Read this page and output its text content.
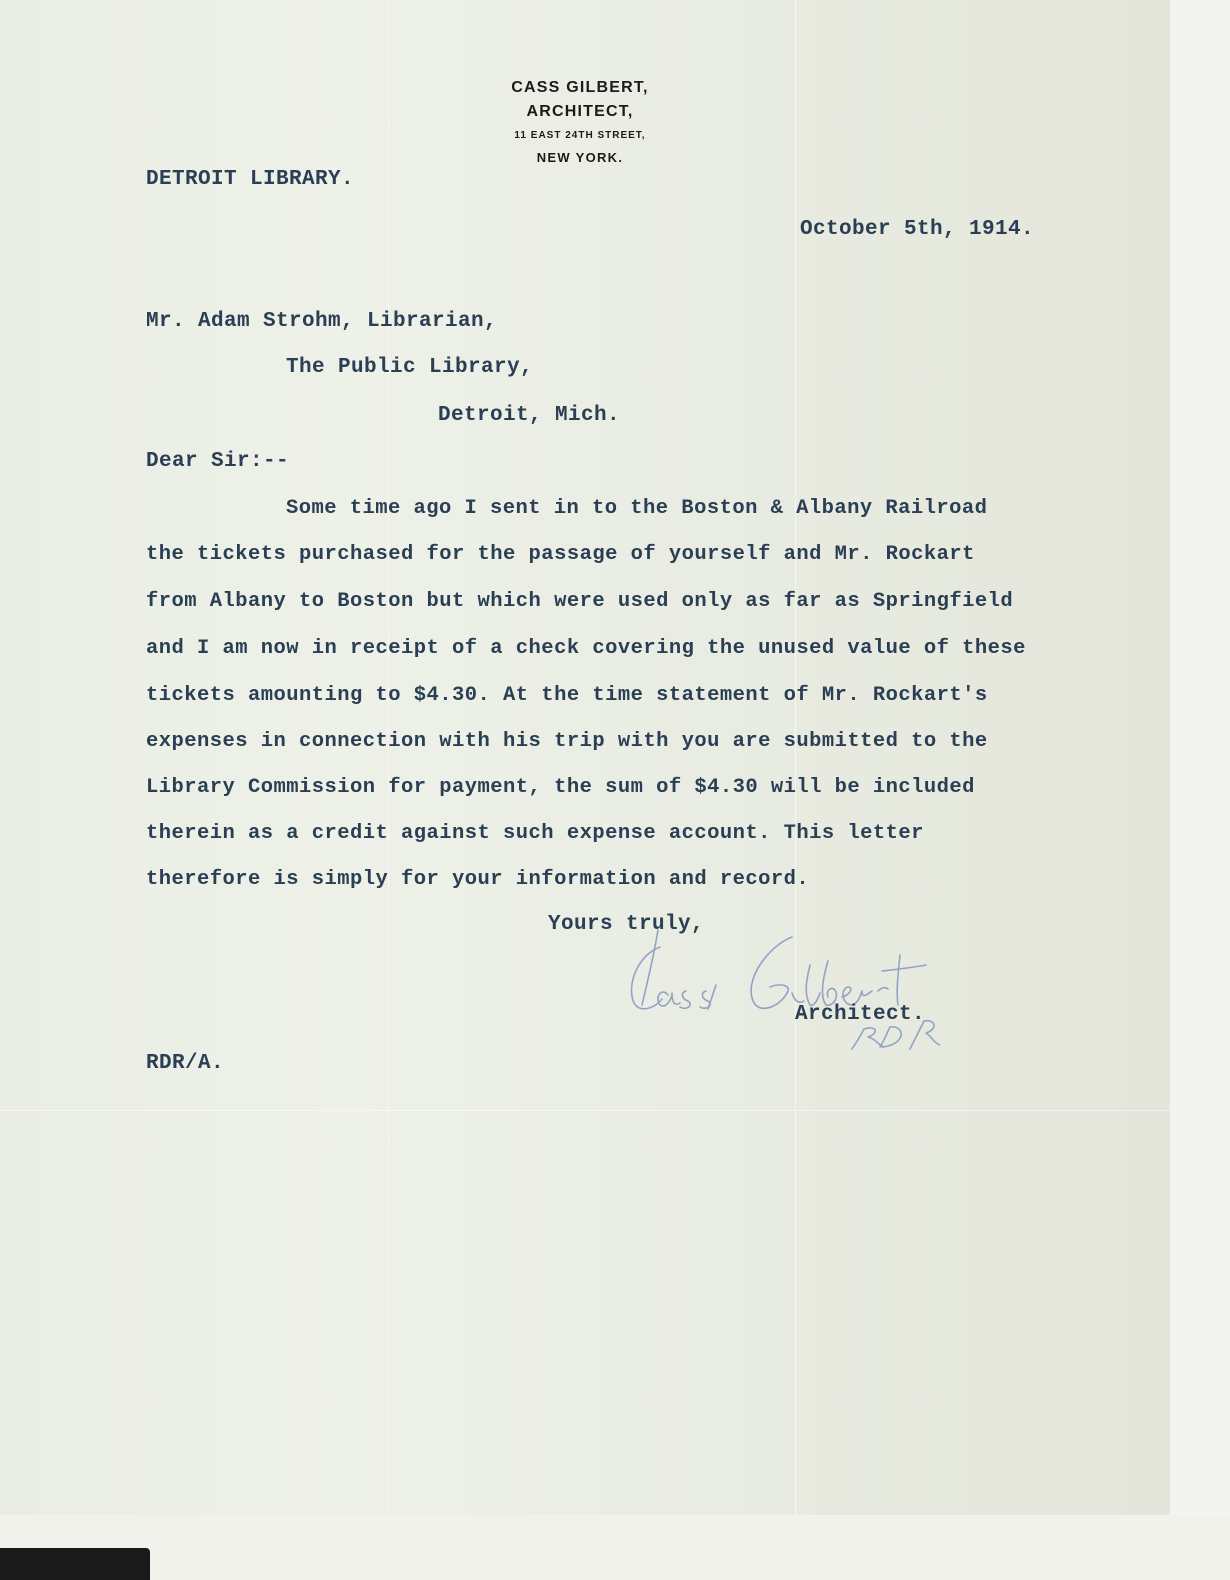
CASS GILBERT,
ARCHITECT,
11 EAST 24TH STREET,
NEW YORK.
DETROIT LIBRARY.
October 5th, 1914.
Mr. Adam Strohm, Librarian,
The Public Library,
Detroit, Mich.
Dear Sir:--
Some time ago I sent in to the Boston & Albany Railroad
the tickets purchased for the passage of yourself and Mr. Rockart
from Albany to Boston but which were used only as far as Springfield
and I am now in receipt of a check covering the unused value of these
tickets amounting to $4.30. At the time statement of Mr. Rockart's
expenses in connection with his trip with you are submitted to the
Library Commission for payment, the sum of $4.30 will be included
therein as a credit against such expense account. This letter
therefore is simply for your information and record.
Yours truly,
Architect.
RDR/A.
